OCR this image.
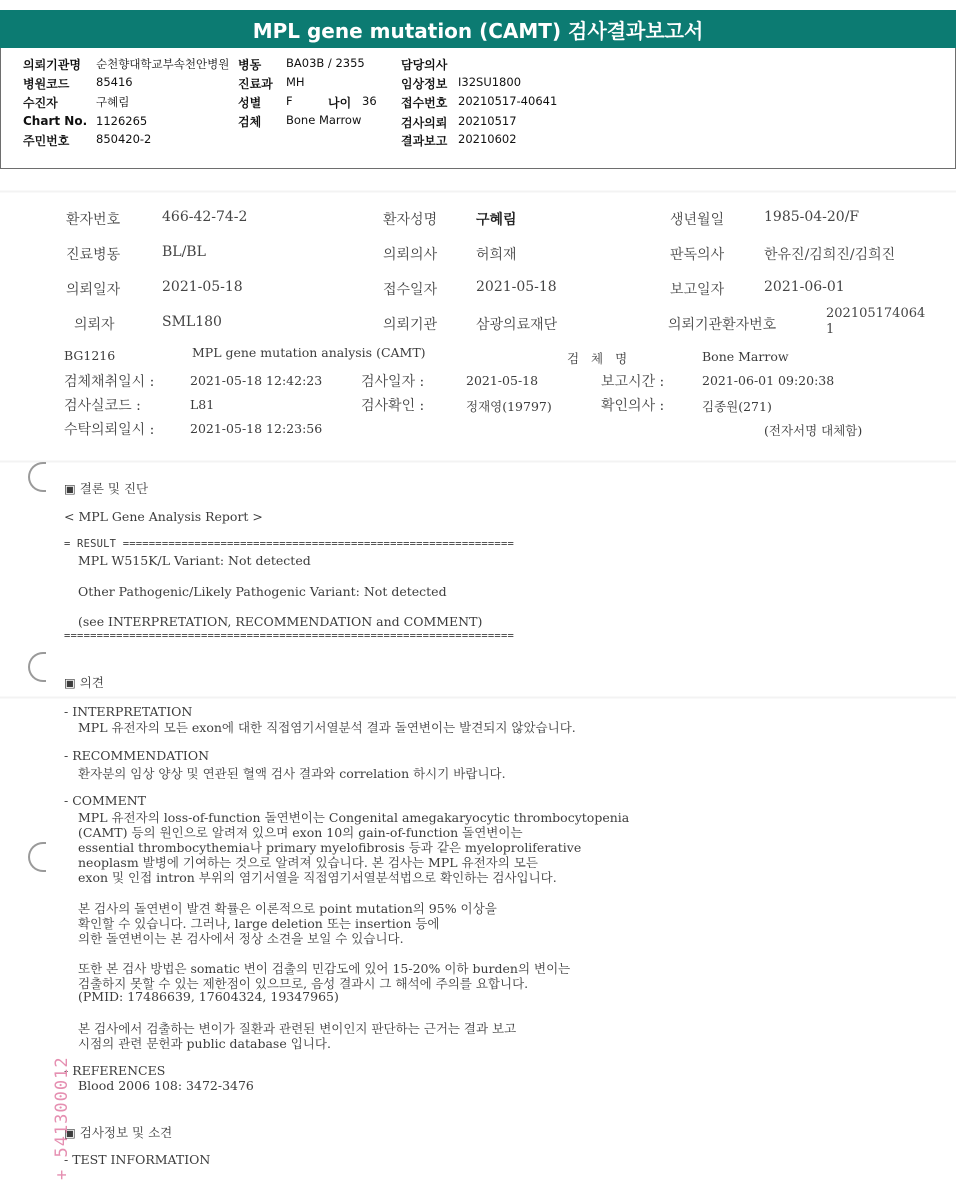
MPL gene mutation (CAMT) 검사결과보고서
의뢰기관명 순천향대학교부속천안병원 병동 BA03B / 2355	담당의사
병원코드 85416	진료과 MH	임상정보 I32SU1800
수진자	구혜림	성별 F	나이 36 접수번호 20210517-40641
Chart No. 1126265	검체 Bone Marrow	검사의뢰 20210517
주민번호 850420-2	결과보고 20210602
환자번호	466-42-74-2	환자성명	구혜림	생년월일	1985-04-20/F
진료병동	BL/BL	의뢰의사	허희재	판독의사	한유진/김희진/김희진
의뢰일자	2021-05-18	접수일자	2021-05-18	보고일자	2021-06-01
의뢰자	SML180	의뢰기관	삼광의료재단	의뢰기관환자번호
202105174064
1
BG1216	MPL gene mutation analysis (CAMT)	검 체 명	Bone Marrow
검체채취일시 :	2021-05-18 12:42:23	검사일자 :	2021-05-18	보고시간 :	2021-06-01 09:20:38
검사실코드 :	L81	검사확인 :	정재영(19797)	확인의사 :	김종원(271)
수탁의뢰일시 :	2021-05-18 12:23:56	(전자서명 대체함)
▣ 결론 및 진단
< MPL Gene Analysis Report >
= RESULT ============================================================
MPL W515K/L Variant: Not detected
Other Pathogenic/Likely Pathogenic Variant: Not detected
(see INTERPRETATION, RECOMMENDATION and COMMENT)
=====================================================================
▣ 의견
- INTERPRETATION
MPL 유전자의 모든 exon에 대한 직접염기서열분석 결과 돌연변이는 발견되지 않았습니다.
- RECOMMENDATION
환자분의 임상 양상 및 연관된 혈액 검사 결과와 correlation 하시기 바랍니다.
- COMMENT
MPL 유전자의 loss-of-function 돌연변이는 Congenital amegakaryocytic thrombocytopenia
(CAMT) 등의 원인으로 알려져 있으며 exon 10의 gain-of-function 돌연변이는
essential thrombocythemia나 primary myelofibrosis 등과 같은 myeloproliferative
neoplasm 발병에 기여하는 것으로 알려져 있습니다. 본 검사는 MPL 유전자의 모든
exon 및 인접 intron 부위의 염기서열을 직접염기서열분석법으로 확인하는 검사입니다.
본 검사의 돌연변이 발견 확률은 이론적으로 point mutation의 95% 이상을
확인할 수 있습니다. 그러나, large deletion 또는 insertion 등에
의한 돌연변이는 본 검사에서 정상 소견을 보일 수 있습니다.
또한 본 검사 방법은 somatic 변이 검출의 민감도에 있어 15-20% 이하 burden의 변이는
검출하지 못할 수 있는 제한점이 있으므로, 음성 결과시 그 해석에 주의를 요합니다.
(PMID: 17486639, 17604324, 19347965)
본 검사에서 검출하는 변이가 질환과 관련된 변이인지 판단하는 근거는 결과 보고
시점의 관련 문헌과 public database 입니다.
- REFERENCES
Blood 2006 108: 3472-3476
▣ 검사정보 및 소견
- TEST INFORMATION
+ 541300012
